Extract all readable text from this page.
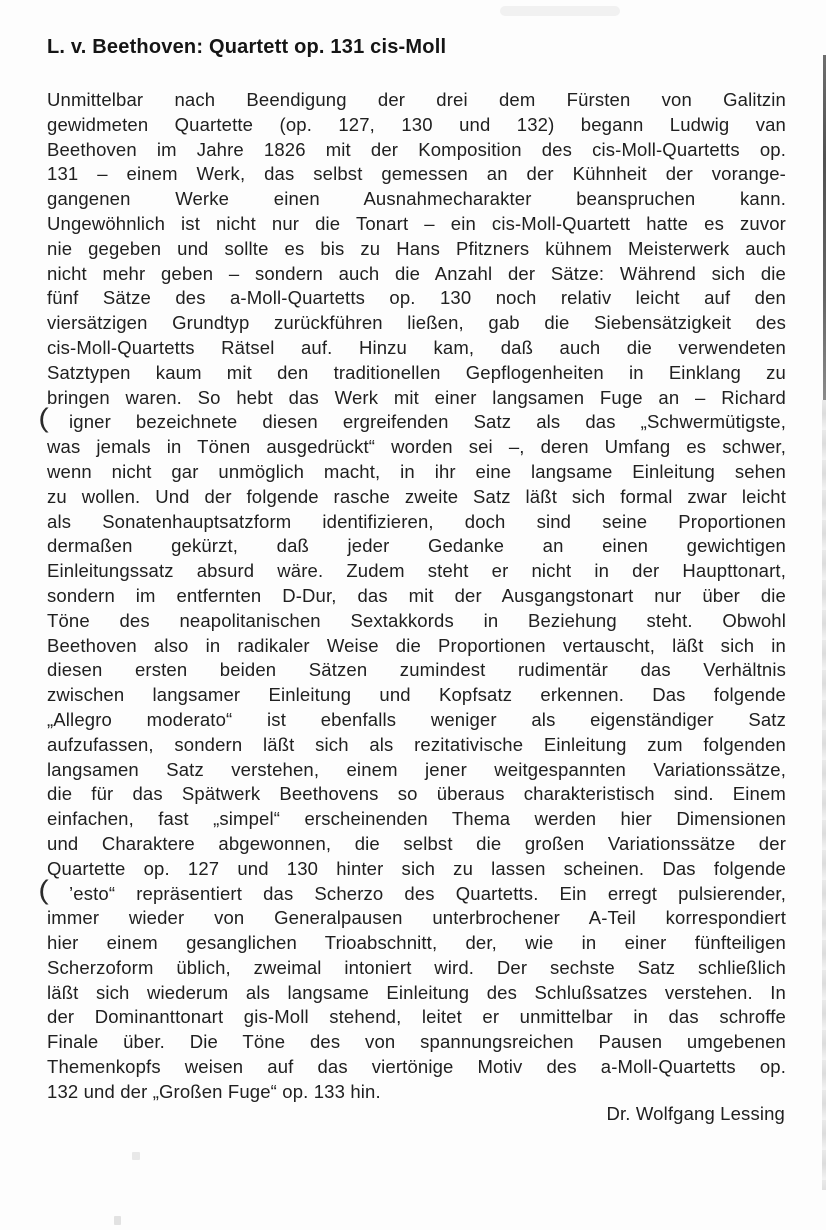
L. v. Beethoven: Quartett op. 131 cis-Moll
Unmittelbar nach Beendigung der drei dem Fürsten von Galitzin
gewidmeten Quartette (op. 127, 130 und 132) begann Ludwig van
Beethoven im Jahre 1826 mit der Komposition des cis-Moll-Quartetts op.
131 – einem Werk, das selbst gemessen an der Kühnheit der vorange-
gangenen Werke einen Ausnahmecharakter beanspruchen kann.
Ungewöhnlich ist nicht nur die Tonart – ein cis-Moll-Quartett hatte es zuvor
nie gegeben und sollte es bis zu Hans Pfitzners kühnem Meisterwerk auch
nicht mehr geben – sondern auch die Anzahl der Sätze: Während sich die
fünf Sätze des a-Moll-Quartetts op. 130 noch relativ leicht auf den
viersätzigen Grundtyp zurückführen ließen, gab die Siebensätzigkeit des
cis-Moll-Quartetts Rätsel auf. Hinzu kam, daß auch die verwendeten
Satztypen kaum mit den traditionellen Gepflogenheiten in Einklang zu
bringen waren. So hebt das Werk mit einer langsamen Fuge an – Richard
( igner bezeichnete diesen ergreifenden Satz als das „Schwermütigste,
was jemals in Tönen ausgedrückt“ worden sei –, deren Umfang es schwer,
wenn nicht gar unmöglich macht, in ihr eine langsame Einleitung sehen
zu wollen. Und der folgende rasche zweite Satz läßt sich formal zwar leicht
als Sonatenhauptsatzform identifizieren, doch sind seine Proportionen
dermaßen gekürzt, daß jeder Gedanke an einen gewichtigen
Einleitungssatz absurd wäre. Zudem steht er nicht in der Haupttonart,
sondern im entfernten D-Dur, das mit der Ausgangstonart nur über die
Töne des neapolitanischen Sextakkords in Beziehung steht. Obwohl
Beethoven also in radikaler Weise die Proportionen vertauscht, läßt sich in
diesen ersten beiden Sätzen zumindest rudimentär das Verhältnis
zwischen langsamer Einleitung und Kopfsatz erkennen. Das folgende
„Allegro moderato“ ist ebenfalls weniger als eigenständiger Satz
aufzufassen, sondern läßt sich als rezitativische Einleitung zum folgenden
langsamen Satz verstehen, einem jener weitgespannten Variationssätze,
die für das Spätwerk Beethovens so überaus charakteristisch sind. Einem
einfachen, fast „simpel“ erscheinenden Thema werden hier Dimensionen
und Charaktere abgewonnen, die selbst die großen Variationssätze der
Quartette op. 127 und 130 hinter sich zu lassen scheinen. Das folgende
( ’esto“ repräsentiert das Scherzo des Quartetts. Ein erregt pulsierender,
immer wieder von Generalpausen unterbrochener A-Teil korrespondiert
hier einem gesanglichen Trioabschnitt, der, wie in einer fünfteiligen
Scherzoform üblich, zweimal intoniert wird. Der sechste Satz schließlich
läßt sich wiederum als langsame Einleitung des Schlußsatzes verstehen. In
der Dominanttonart gis-Moll stehend, leitet er unmittelbar in das schroffe
Finale über. Die Töne des von spannungsreichen Pausen umgebenen
Themenkopfs weisen auf das viertönige Motiv des a-Moll-Quartetts op.
132 und der „Großen Fuge“ op. 133 hin.
Dr. Wolfgang Lessing
